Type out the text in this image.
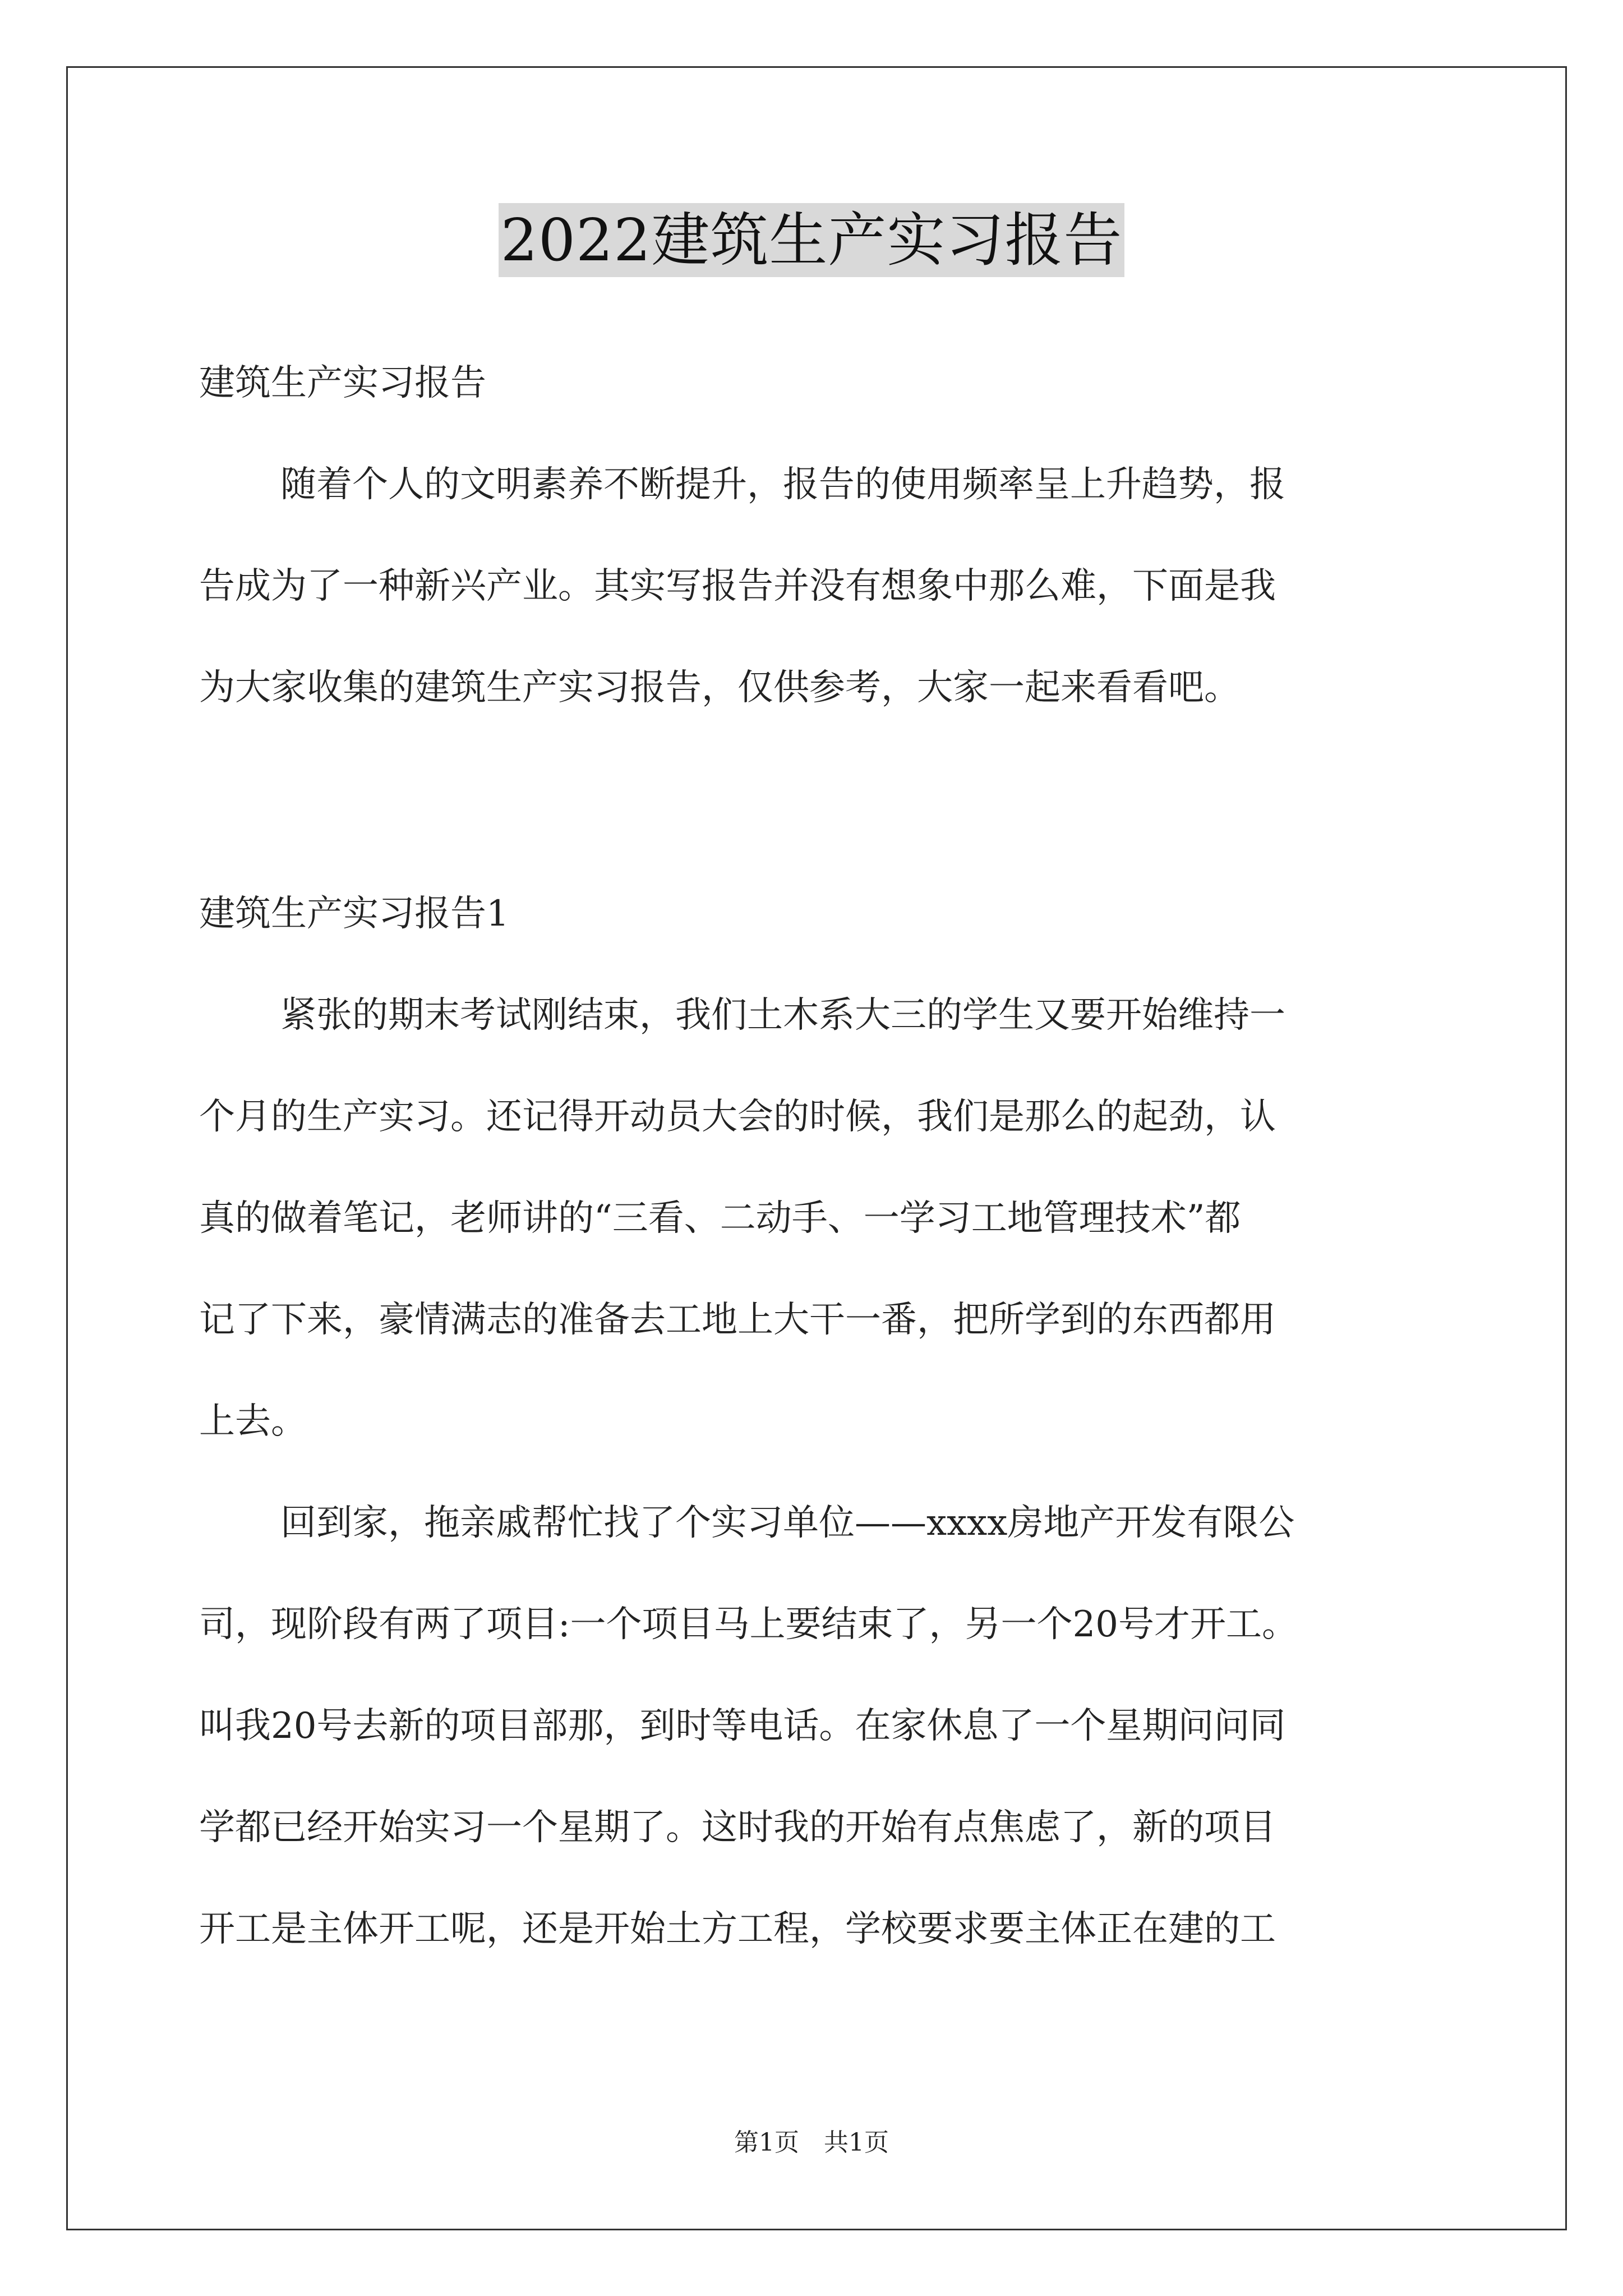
2022建筑生产实习报告
建筑生产实习报告
随着个人的文明素养不断提升，报告的使用频率呈上升趋势，报
告成为了一种新兴产业。其实写报告并没有想象中那么难，下面是我
为大家收集的建筑生产实习报告，仅供参考，大家一起来看看吧。
建筑生产实习报告1
紧张的期末考试刚结束，我们土木系大三的学生又要开始维持一
个月的生产实习。还记得开动员大会的时候，我们是那么的起劲，认
真的做着笔记，老师讲的“三看、二动手、一学习工地管理技术”都
记了下来，豪情满志的准备去工地上大干一番，把所学到的东西都用
上去。
回到家，拖亲戚帮忙找了个实习单位——xxxx房地产开发有限公
司，现阶段有两了项目:一个项目马上要结束了，另一个20号才开工。
叫我20号去新的项目部那，到时等电话。在家休息了一个星期问问同
学都已经开始实习一个星期了。这时我的开始有点焦虑了，新的项目
开工是主体开工呢，还是开始土方工程，学校要求要主体正在建的工
第1页　共1页
